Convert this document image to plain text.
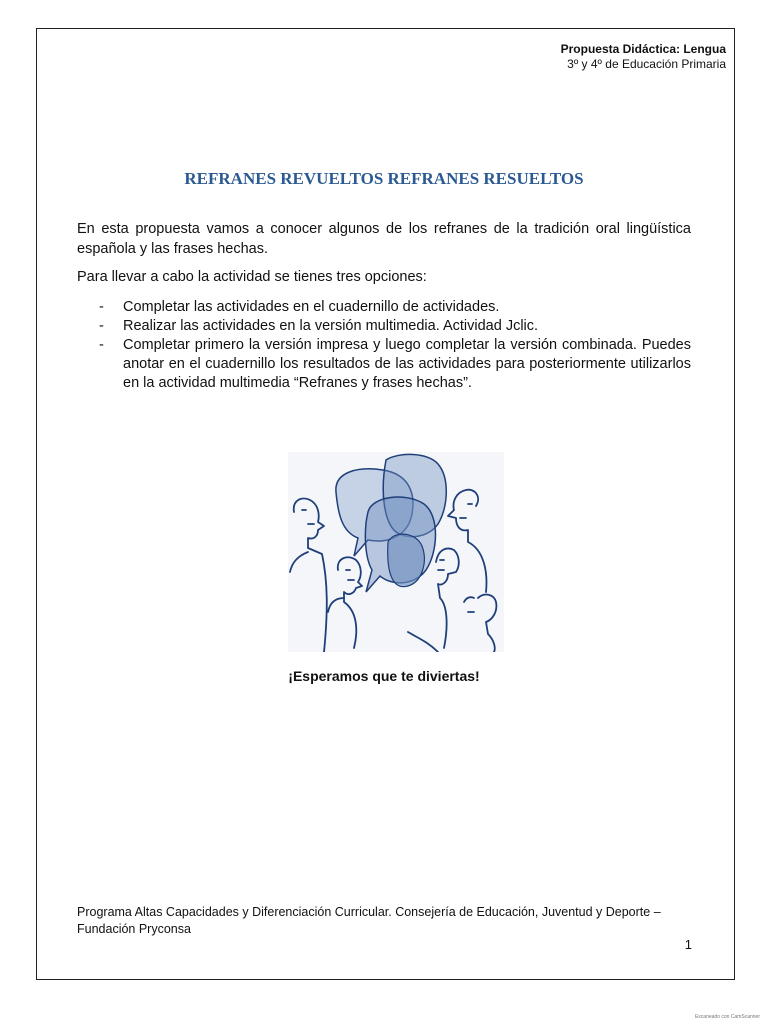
Propuesta Didáctica: Lengua
3º y 4º de Educación Primaria
REFRANES REVUELTOS REFRANES RESUELTOS
En esta propuesta vamos a conocer algunos de los refranes de la tradición oral lingüística española y las frases hechas.
Para llevar a cabo la actividad se tienes tres opciones:
- Completar las actividades en el cuadernillo de actividades.
- Realizar las actividades en la versión multimedia. Actividad Jclic.
- Completar primero la versión impresa y luego completar la versión combinada. Puedes anotar en el cuadernillo los resultados de las actividades para posteriormente utilizarlos en la actividad multimedia “Refranes y frases hechas”.
¡Esperamos que te diviertas!
Programa Altas Capacidades y Diferenciación Curricular. Consejería de Educación, Juventud y Deporte – Fundación Pryconsa
1
Escaneado con CamScanner
